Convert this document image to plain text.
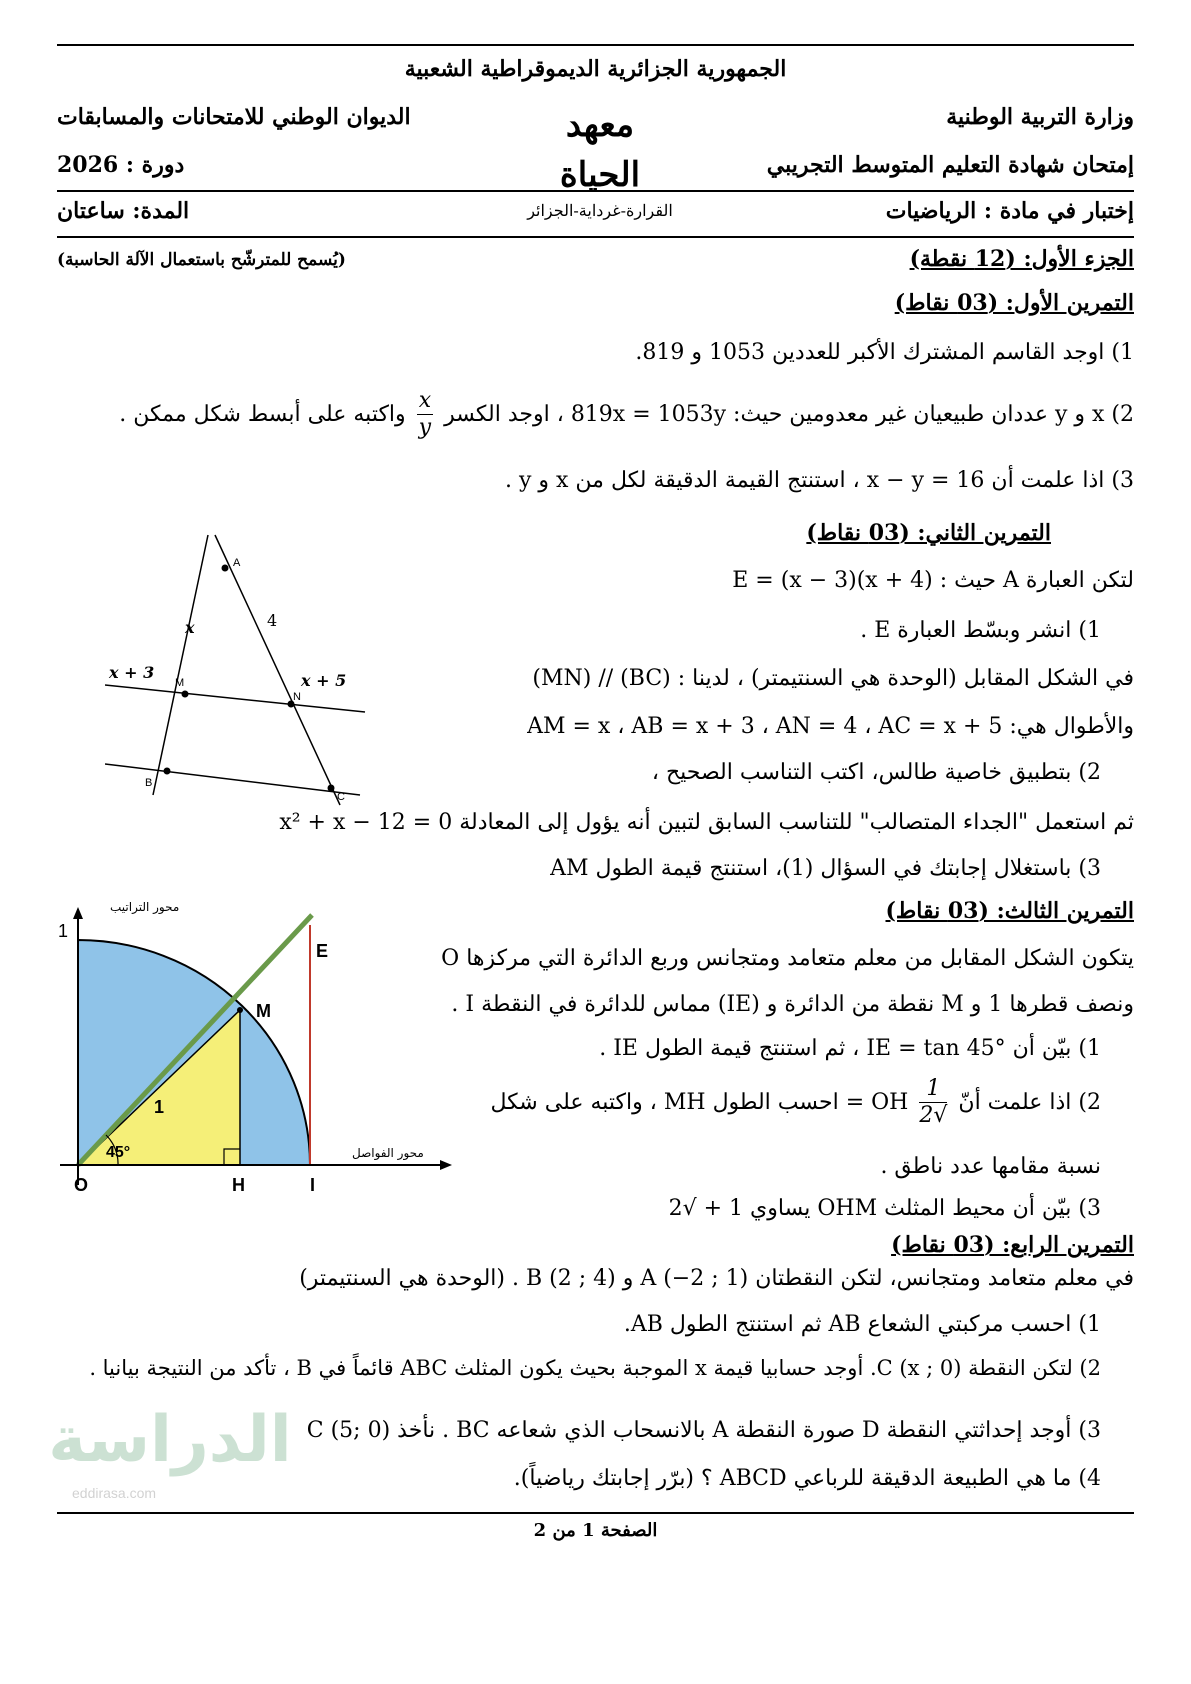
الجمهورية الجزائرية الديموقراطية الشعبية
وزارة التربية الوطنية
الديوان الوطني للامتحانات والمسابقات	معهد الحياة
القرارة-غرداية-الجزائر
إمتحان شهادة التعليم المتوسط التجريبي
دورة : 2026
إختبار في مادة : الرياضيات
المدة: ساعتان
الجزء الأول: (12 نقطة)
(يُسمح للمترشّح باستعمال الآلة الحاسبة)
التمرين الأول: (03 نقاط)
1) اوجد القاسم المشترك الأكبر للعددين 1053 و 819.
2) x و y عددان طبيعيان غير معدومين حيث: 819x = 1053y ، اوجد الكسر
$\frac{x}{y}$
واكتبه على أبسط شكل ممكن .
3) اذا علمت أن x − y = 16 ، استنتج القيمة الدقيقة لكل من x و y .
التمرين الثاني: (03 نقاط)
لتكن العبارة A حيث : E = (x − 3)(x + 4)
1) انشر وبسّط العبارة E .
في الشكل المقابل (الوحدة هي السنتيمتر) ، لدينا : (BC) // (MN)
والأطوال هي: AM = x ، AB = x + 3 ، AN = 4 ، AC = x + 5
2) بتطبيق خاصية طالس، اكتب التناسب الصحيح ،
ثم استعمل "الجداء المتصالب" للتناسب السابق لتبين أنه يؤول إلى المعادلة x² + x − 12 = 0
3) باستغلال إجابتك في السؤال (1)، استنتج قيمة الطول AM
A
M
N
B
C
x	4
x + 3	x + 5
التمرين الثالث: (03 نقاط)
يتكون الشكل المقابل من معلم متعامد ومتجانس وربع الدائرة التي مركزها O
ونصف قطرها 1 و M نقطة من الدائرة و (IE) مماس للدائرة في النقطة I .
1) بيّن أن IE = tan 45° ، ثم استنتج قيمة الطول IE .
2) اذا علمت أنّ
$\frac{1}{√2}$
OH = احسب الطول MH ، واكتبه على شكل
نسبة مقامها عدد ناطق .
3) بيّن أن محيط المثلث OHM يساوي 1 + √2
محور التراتيب
محور الفواصل
1
1
45°
O	H	I
M
E
التمرين الرابع: (03 نقاط)
في معلم متعامد ومتجانس، لتكن النقطتان A (−2 ; 1) و B (2 ; 4) . (الوحدة هي السنتيمتر)
1) احسب مركبتي الشعاع AB ثم استنتج الطول AB.
2) لتكن النقطة C (x ; 0). أوجد حسابيا قيمة x الموجبة بحيث يكون المثلث ABC قائماً في B ، تأكد من النتيجة بيانيا .
3) أوجد إحداثتي النقطة D صورة النقطة A بالانسحاب الذي شعاعه BC . نأخذ C (5; 0)
4) ما هي الطبيعة الدقيقة للرباعي ABCD ؟ (برّر إجابتك رياضياً).
الدراسة
eddirasa.com
الصفحة 1 من 2
